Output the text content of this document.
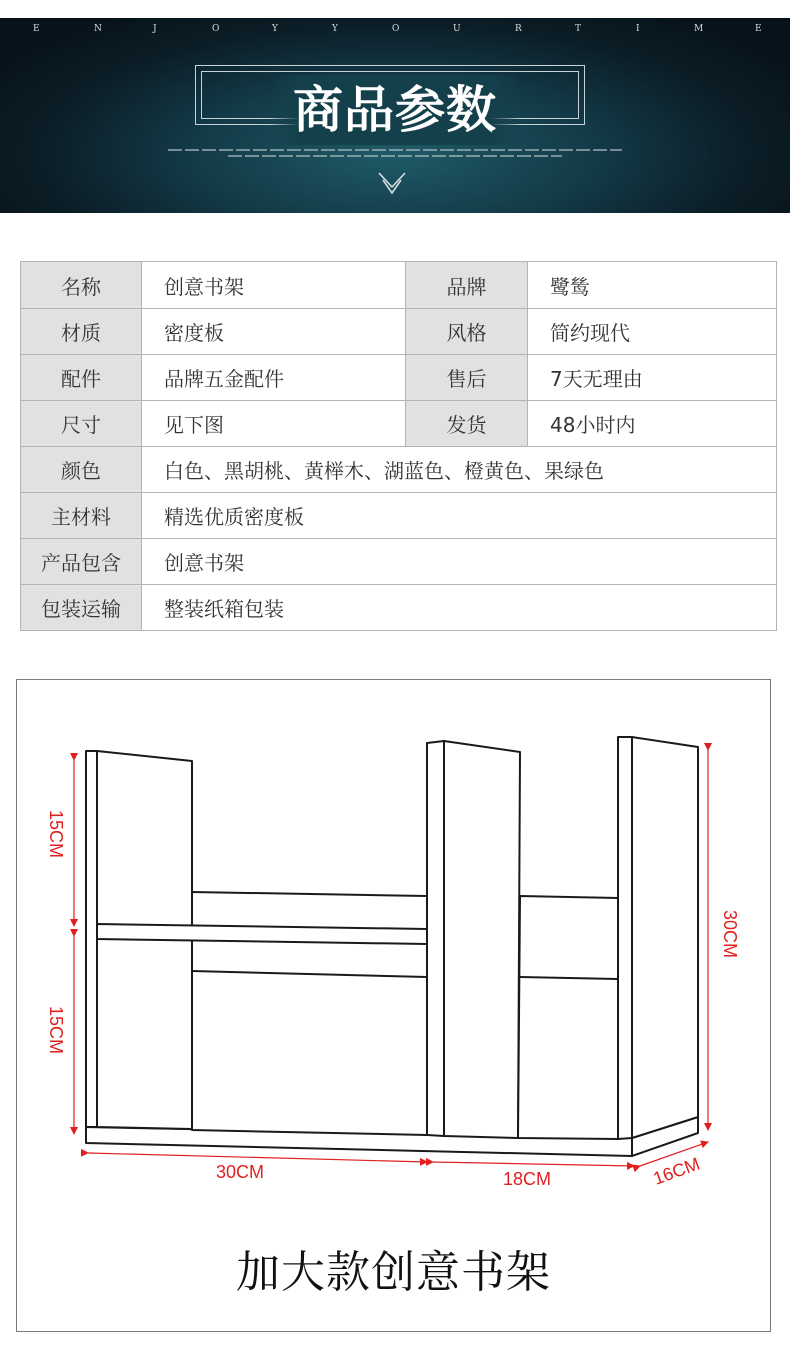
E	N	J	O	Y	Y	O	U	R	T	I	M	E
商品参数
名称	创意书架	品牌	鹭鸶
材质	密度板	风格	简约现代
配件	品牌五金配件	售后	7天无理由
尺寸	见下图	发货	48小时内
颜色	白色、黑胡桃、黄榉木、湖蓝色、橙黄色、果绿色		
主材料	精选优质密度板		
产品包含	创意书架		
包装运输	整装纸箱包装		
15CM
15CM
30CM
30CM	18CM	16CM
加大款创意书架
